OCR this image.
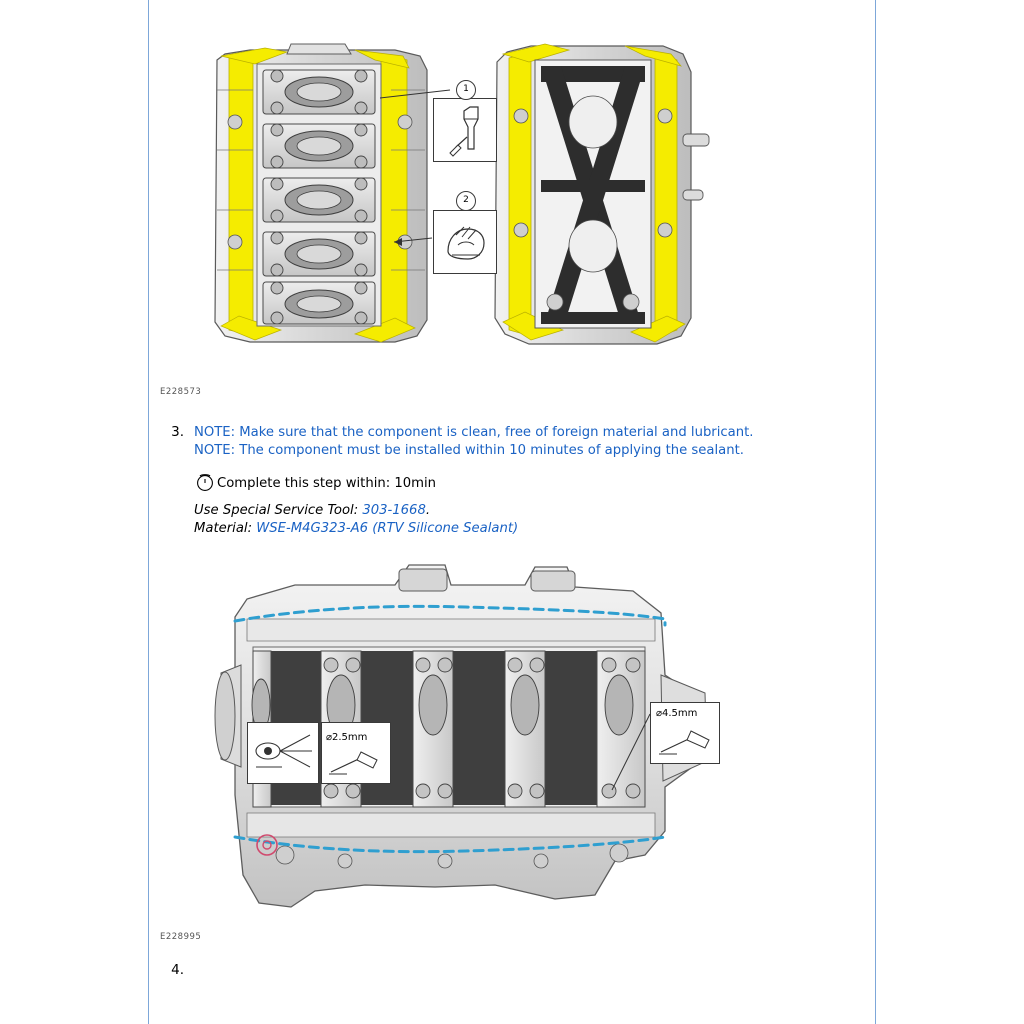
1
2
E228573
3. NOTE: Make sure that the component is clean, free of foreign material and lubricant.
NOTE: The component must be installed within 10 minutes of applying the sealant.
Complete this step within: 10min
Use Special Service Tool: 303-1668.
Material: WSE-M4G323-A6 (RTV Silicone Sealant)
⌀2.5mm
⌀4.5mm
E228995
4.
